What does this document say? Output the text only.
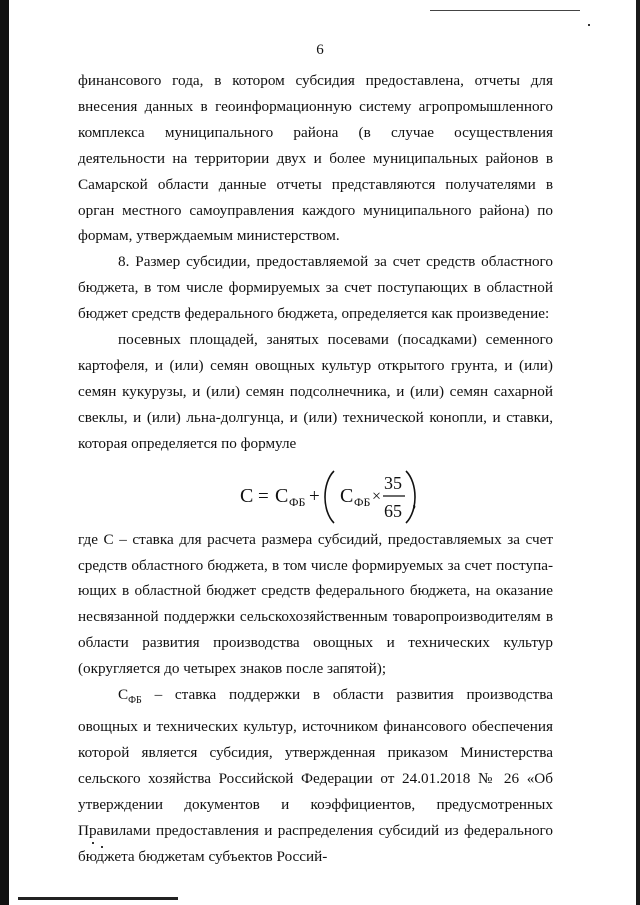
6

финансового года, в котором субсидия предоставлена, отчеты для внесения данных в геоинформационную систему агропромышленного комплекса муниципального района (в случае осуществления деятельности на территории двух и более муниципальных районов в Самарской области данные отчеты представляются получателями в орган местного самоуправления каждого муниципального района) по формам, утверждаемым министерством.

8. Размер субсидии, предоставляемой за счет средств областного бюджета, в том числе формируемых за счет поступающих в областной бюджет средств федерального бюджета, определяется как произведение:

посевных площадей, занятых посевами (посадками) семенного картофеля, и (или) семян овощных культур открытого грунта, и (или) семян кукурузы, и (или) семян подсолнечника, и (или) семян сахарной свеклы, и (или) льна-долгунца, и (или) технической конопли, и ставки, которая определяется по формуле

С = С ФБ + С ФБ ×
35
65 ,

где С – ставка для расчета размера субсидий, предоставляемых за счет средств областного бюджета, в том числе формируемых за счет поступающих в областной бюджет средств федерального бюджета, на оказание несвязанной поддержки сельскохозяйственным товаропроизводителям в области развития производства овощных и технических культур (округляется до четырех знаков после запятой);

$С_{ФБ}$ – ставка поддержки в области развития производства овощных и технических культур, источником финансового обеспечения которой является субсидия, утвержденная приказом Министерства сельского хозяйства Российской Федерации от 24.01.2018 № 26 «Об утверждении документов и коэффициентов, предусмотренных Правилами предоставления и распределения субсидий из федерального бюджета бюджетам субъектов Россий-
